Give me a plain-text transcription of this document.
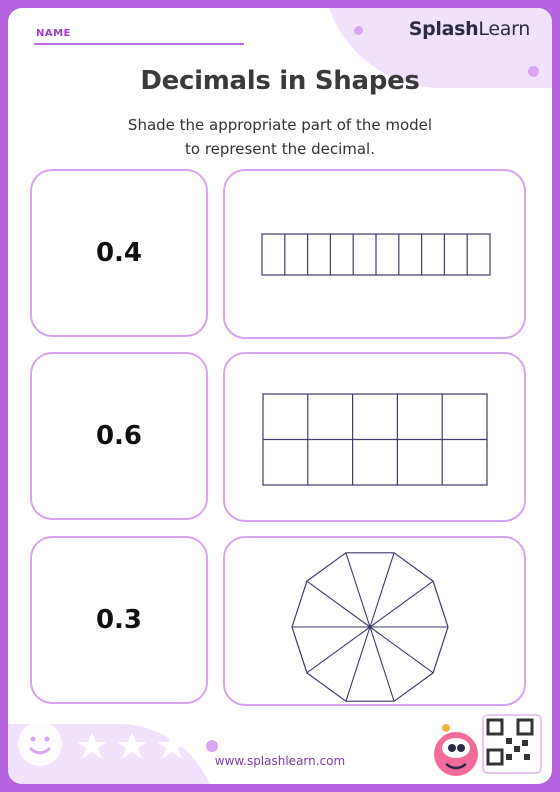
NAME	SplashLearn
Decimals in Shapes
Shade the appropriate part of the model
to represent the decimal.
0.4
0.6
0.3
www.splashlearn.com
